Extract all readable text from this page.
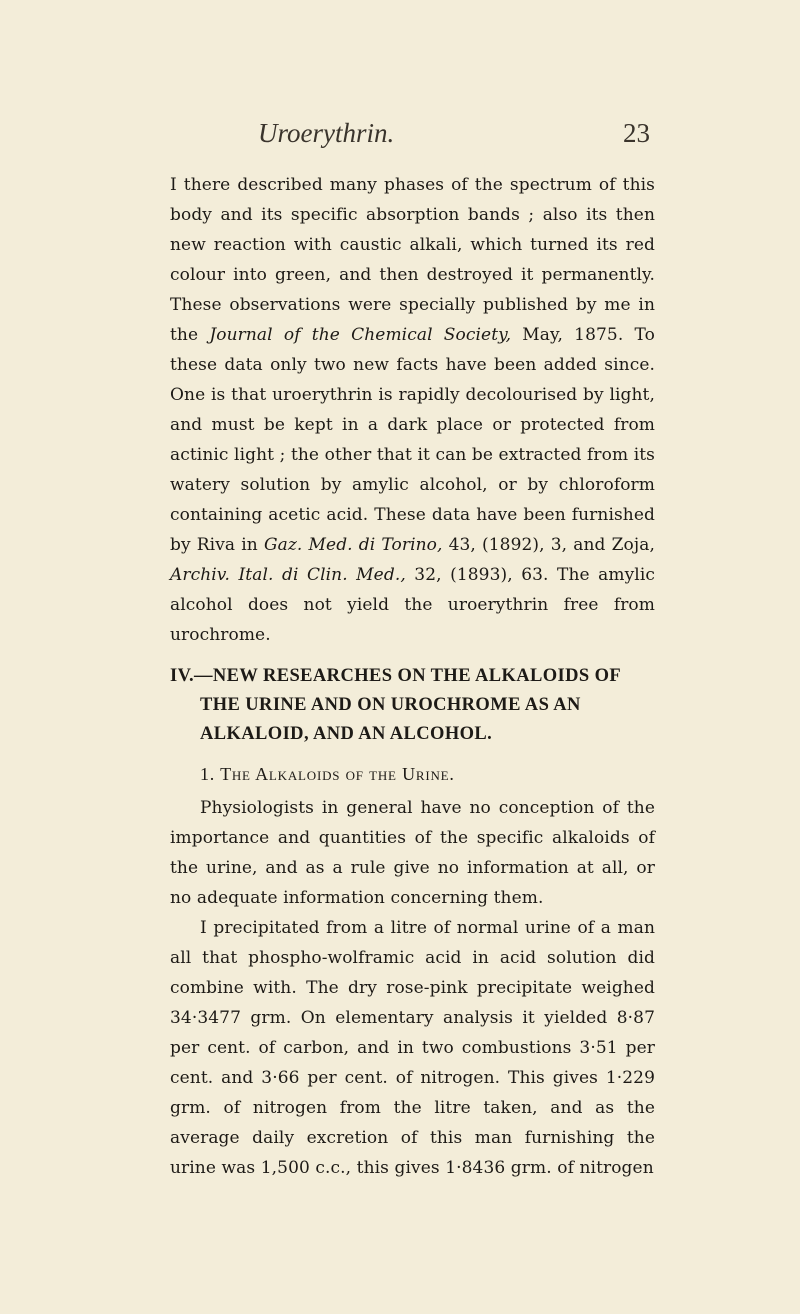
Uroerythrin.	23

I there described many phases of the spectrum of this body and its specific absorption bands ; also its then new reaction with caustic alkali, which turned its red colour into green, and then destroyed it permanently. These observations were specially published by me in the Journal of the Chemical Society, May, 1875. To these data only two new facts have been added since. One is that uroerythrin is rapidly decolourised by light, and must be kept in a dark place or protected from actinic light ; the other that it can be extracted from its watery solution by amylic alcohol, or by chloroform containing acetic acid. These data have been furnished by Riva in Gaz. Med. di Torino, 43, (1892), 3, and Zoja, Archiv. Ital. di Clin. Med., 32, (1893), 63. The amylic alcohol does not yield the uroerythrin free from urochrome.

IV.—NEW RESEARCHES ON THE ALKALOIDS OF THE URINE AND ON UROCHROME AS AN ALKALOID, AND AN ALCOHOL.
1. The Alkaloids of the Urine.

Physiologists in general have no conception of the importance and quantities of the specific alkaloids of the urine, and as a rule give no information at all, or no adequate information concerning them.

I precipitated from a litre of normal urine of a man all that phospho-wolframic acid in acid solution did combine with. The dry rose-pink precipitate weighed 34·3477 grm. On elementary analysis it yielded 8·87 per cent. of carbon, and in two combustions 3·51 per cent. and 3·66 per cent. of nitrogen. This gives 1·229 grm. of nitrogen from the litre taken, and as the average daily excretion of this man furnishing the urine was 1,500 c.c., this gives 1·8436 grm. of nitrogen
